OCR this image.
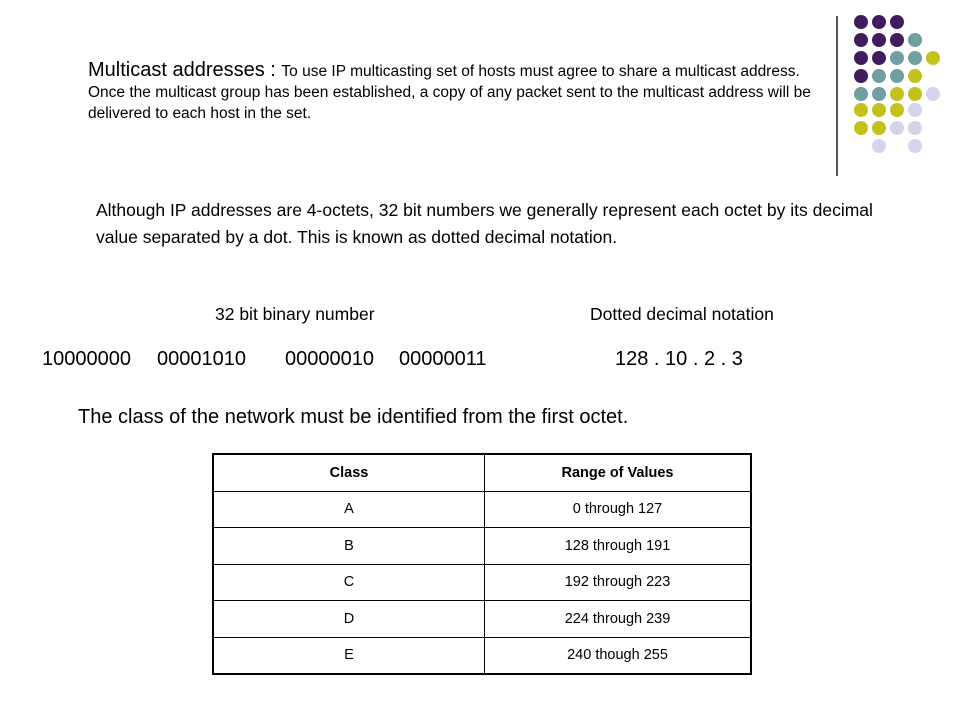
Multicast addresses : To use IP multicasting set of hosts must agree to share a multicast address. Once the multicast group has been established, a copy of any packet sent to the multicast address will be delivered to each host in the set.
Although IP addresses are 4-octets, 32 bit numbers we generally represent each octet by its decimal value separated by a dot. This is known as dotted decimal notation.
32 bit binary number	Dotted decimal notation
10000000 00001010 00000010 00000011	128 . 10 . 2 . 3
The class of the network must be identified from the first octet.
Class	Range of Values
A	0 through 127
B	128 through 191
C	192 through 223
D	224 through 239
E	240 though 255
